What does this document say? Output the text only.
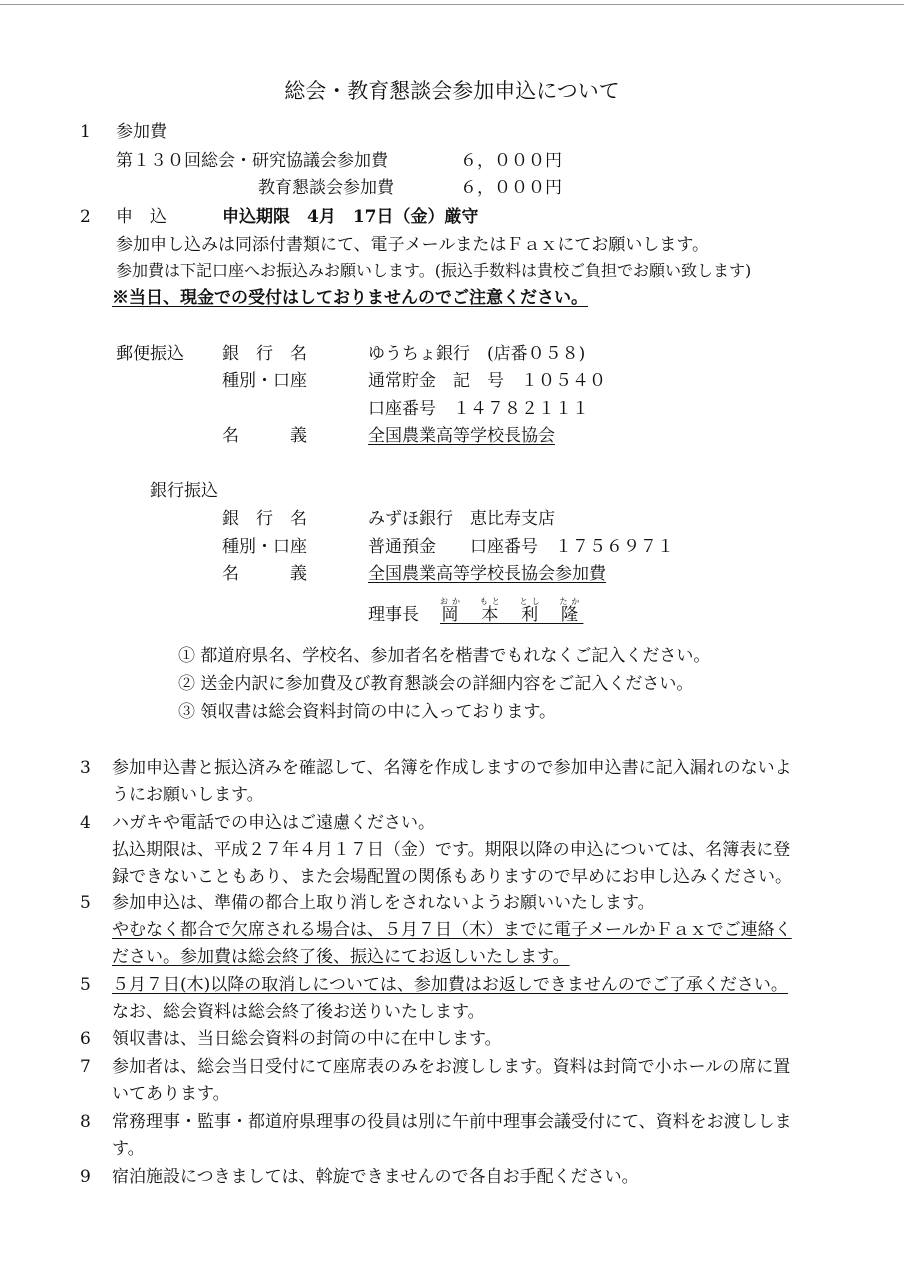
総会・教育懇談会参加申込について
1 参加費
第１３０回総会・研究協議会参加費	６，０００円
教育懇談会参加費	６，０００円
2 申　込	申込期限　4月　17日（金）厳守
参加申し込みは同添付書類にて、電子メールまたはＦａｘにてお願いします。
参加費は下記口座へお振込みお願いします。(振込手数料は貴校ご負担でお願い致します)
※当日、現金での受付はしておりませんのでご注意ください。
郵便振込 銀　行　名	ゆうちょ銀行　(店番０５８)
種別・口座	通常貯金　記　号　１０５４０
口座番号　１４７８２１１１
名　　　義	全国農業高等学校長協会
銀行振込
銀　行　名	みずほ銀行　恵比寿支店
種別・口座	普通預金　　口座番号　１７５６９７１
名　　　義	全国農業高等学校長協会参加費
理事長 岡おか  本もと  利とし  隆たか
① 都道府県名、学校名、参加者名を楷書でもれなくご記入ください。
② 送金内訳に参加費及び教育懇談会の詳細内容をご記入ください。
③ 領収書は総会資料封筒の中に入っております。
3 参加申込書と振込済みを確認して、名簿を作成しますので参加申込書に記入漏れのないよ
うにお願いします。
4 ハガキや電話での申込はご遠慮ください。
払込期限は、平成２７年４月１７日（金）です。期限以降の申込については、名簿表に登
録できないこともあり、また会場配置の関係もありますので早めにお申し込みください。
5 参加申込は、準備の都合上取り消しをされないようお願いいたします。
やむなく都合で欠席される場合は、５月７日（木）までに電子メールかＦａｘでご連絡く
ださい。参加費は総会終了後、振込にてお返しいたします。
5 ５月７日(木)以降の取消しについては、参加費はお返しできませんのでご了承ください。
なお、総会資料は総会終了後お送りいたします。
6 領収書は、当日総会資料の封筒の中に在中します。
7 参加者は、総会当日受付にて座席表のみをお渡しします。資料は封筒で小ホールの席に置
いてあります。
8 常務理事・監事・都道府県理事の役員は別に午前中理事会議受付にて、資料をお渡ししま
す。
9 宿泊施設につきましては、斡旋できませんので各自お手配ください。
